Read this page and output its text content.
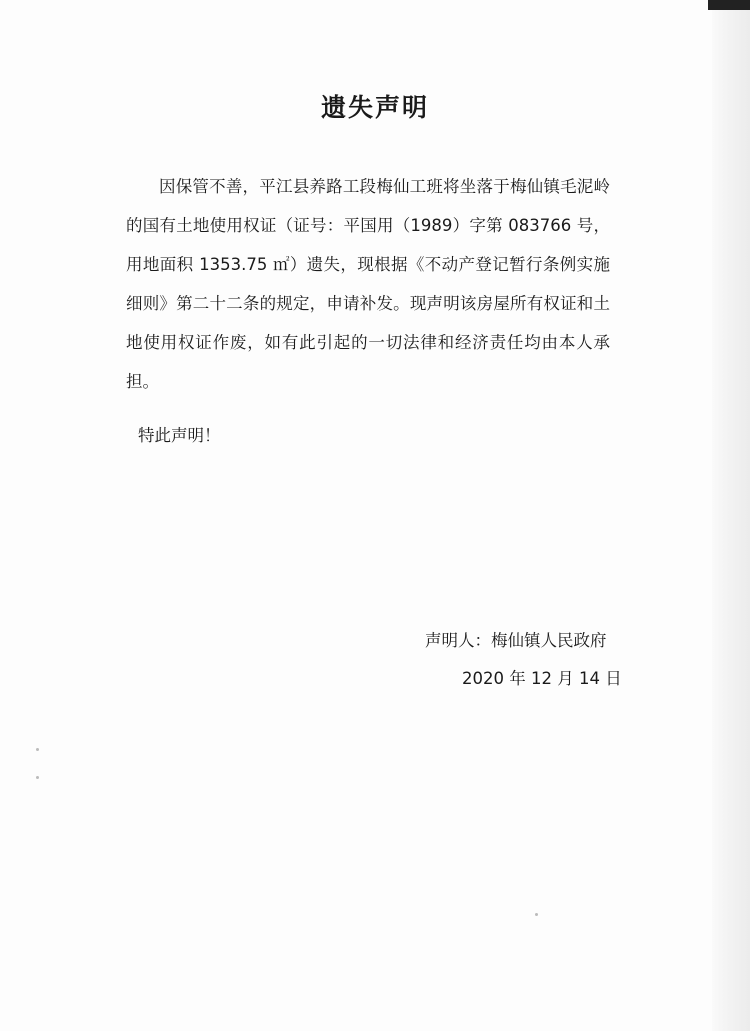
遗失声明

因保管不善，平江县养路工段梅仙工班将坐落于梅仙镇毛泥岭的国有土地使用权证（证号：平国用（1989）字第 083766 号，用地面积 1353.75 ㎡）遗失，现根据《不动产登记暂行条例实施细则》第二十二条的规定，申请补发。现声明该房屋所有权证和土地使用权证作废，如有此引起的一切法律和经济责任均由本人承担。

特此声明！
声明人：梅仙镇人民政府
2020 年 12 月 14 日
